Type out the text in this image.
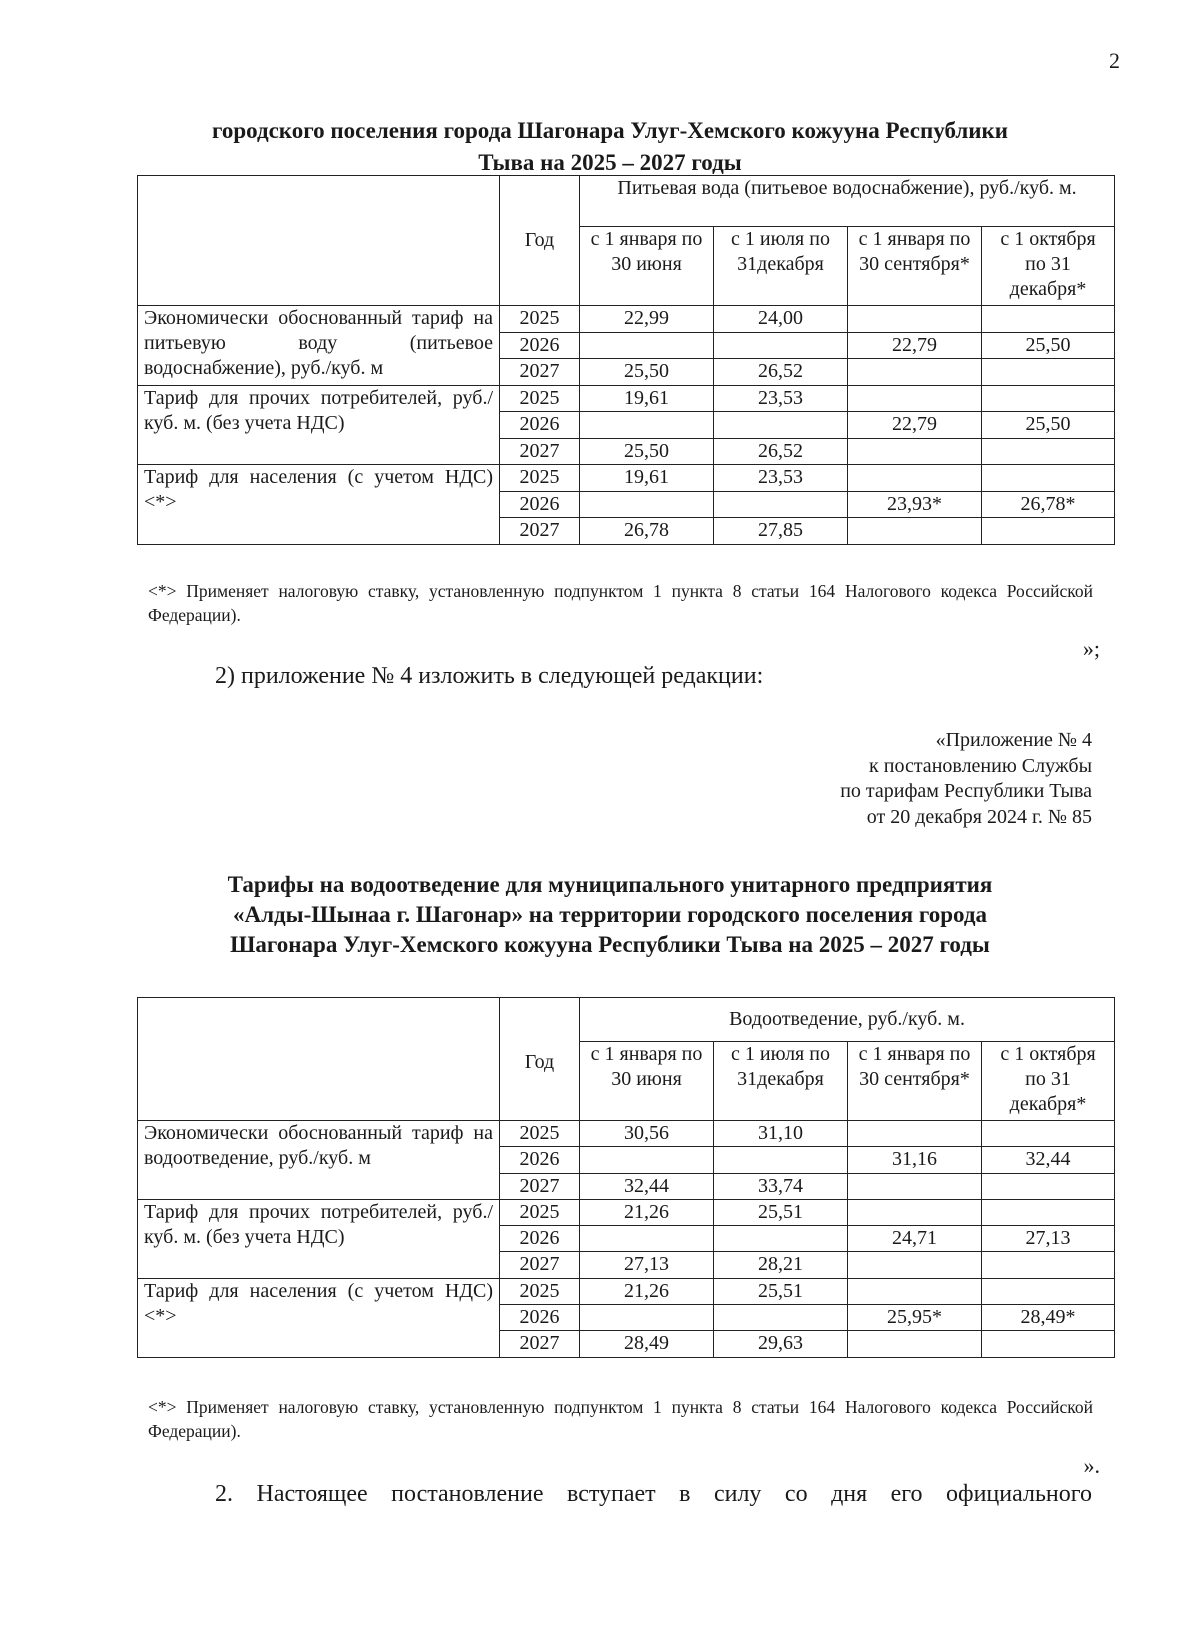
2
городского поселения города Шагонара Улуг-Хемского кожууна Республики
Тыва на 2025 – 2027 годы
	Год	Питьевая вода (питьевое водоснабжение), руб./куб. м.			
		с 1 января по 30 июня	с 1 июля по 31декабря	с 1 января по 30 сентября*	с 1 октября по 31 декабря*
Экономически обоснованный тариф на питьевую воду (питьевое водоснабжение), руб./куб. м	2025	22,99	24,00		
	2026			22,79	25,50
	2027	25,50	26,52		
Тариф для прочих потребителей, руб./куб. м. (без учета НДС)	2025	19,61	23,53		
	2026			22,79	25,50
	2027	25,50	26,52		
Тариф для населения (с учетом НДС) <*>	2025	19,61	23,53		
	2026			23,93*	26,78*
	2027	26,78	27,85		
<*> Применяет налоговую ставку, установленную подпунктом 1 пункта 8 статьи 164 Налогового кодекса Российской Федерации).
»;
2) приложение № 4 изложить в следующей редакции:
«Приложение № 4
к постановлению Службы
по тарифам Республики Тыва
от 20 декабря 2024 г. № 85
Тарифы на водоотведение для муниципального унитарного предприятия
«Алды-Шынаа г. Шагонар» на территории городского поселения города
Шагонара Улуг-Хемского кожууна Республики Тыва на 2025 – 2027 годы
	Год	Водоотведение, руб./куб. м.			
		с 1 января по 30 июня	с 1 июля по 31декабря	с 1 января по 30 сентября*	с 1 октября по 31 декабря*
Экономически обоснованный тариф на водоотведение, руб./куб. м	2025	30,56	31,10		
	2026			31,16	32,44
	2027	32,44	33,74		
Тариф для прочих потребителей, руб./куб. м. (без учета НДС)	2025	21,26	25,51		
	2026			24,71	27,13
	2027	27,13	28,21		
Тариф для населения (с учетом НДС) <*>	2025	21,26	25,51		
	2026			25,95*	28,49*
	2027	28,49	29,63		
<*> Применяет налоговую ставку, установленную подпунктом 1 пункта 8 статьи 164 Налогового кодекса Российской Федерации).
».
2. Настоящее постановление вступает в силу со дня его официального
